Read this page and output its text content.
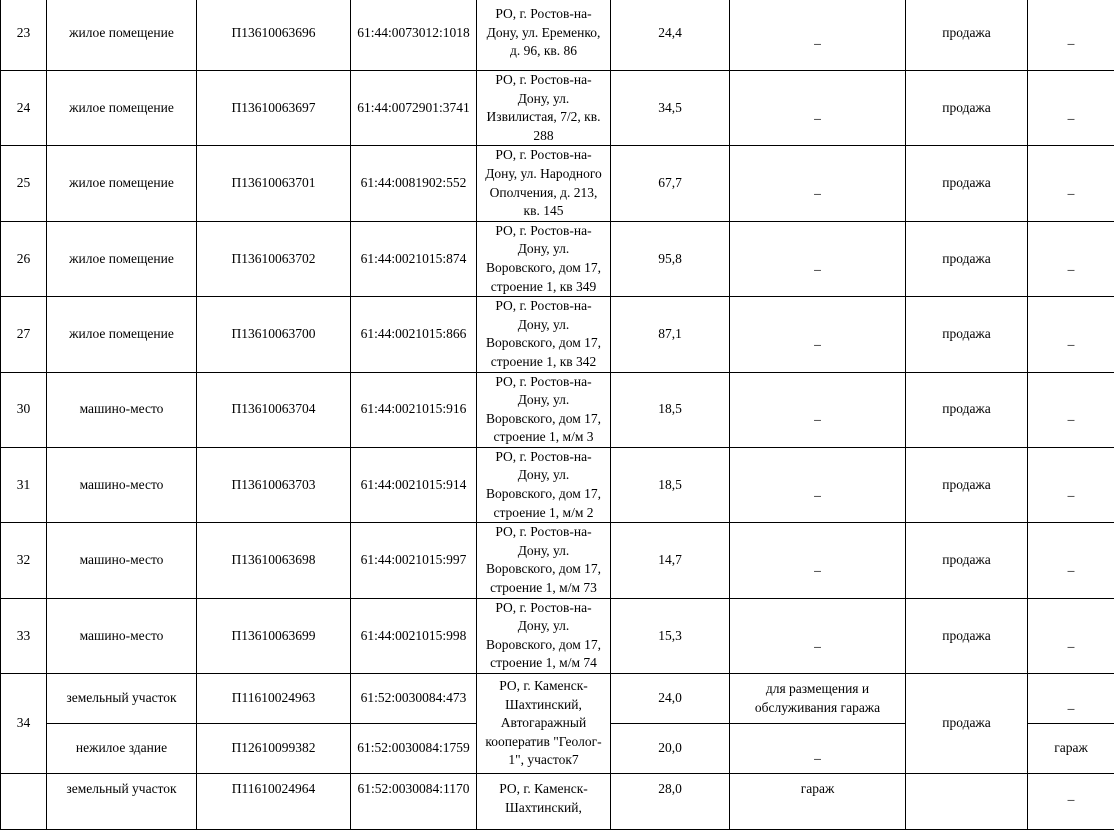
23	жилое помещение	П13610063696	61:44:0073012:1018	РО, г. Ростов-на-
Дону, ул. Еременко,
д. 96, кв. 86	24,4	_	продажа	_
24	жилое помещение	П13610063697	61:44:0072901:3741	РО, г. Ростов-на-
Дону, ул.
Извилистая, 7/2, кв.
288	34,5	_	продажа	_
25	жилое помещение	П13610063701	61:44:0081902:552	РО, г. Ростов-на-
Дону, ул. Народного
Ополчения, д. 213,
кв. 145	67,7	_	продажа	_
26	жилое помещение	П13610063702	61:44:0021015:874	РО, г. Ростов-на-
Дону, ул.
Воровского, дом 17,
строение 1, кв 349	95,8	_	продажа	_
27	жилое помещение	П13610063700	61:44:0021015:866	РО, г. Ростов-на-
Дону, ул.
Воровского, дом 17,
строение 1, кв 342	87,1	_	продажа	_
30	машино-место	П13610063704	61:44:0021015:916	РО, г. Ростов-на-
Дону, ул.
Воровского, дом 17,
строение 1, м/м 3	18,5	_	продажа	_
31	машино-место	П13610063703	61:44:0021015:914	РО, г. Ростов-на-
Дону, ул.
Воровского, дом 17,
строение 1, м/м 2	18,5	_	продажа	_
32	машино-место	П13610063698	61:44:0021015:997	РО, г. Ростов-на-
Дону, ул.
Воровского, дом 17,
строение 1, м/м 73	14,7	_	продажа	_
33	машино-место	П13610063699	61:44:0021015:998	РО, г. Ростов-на-
Дону, ул.
Воровского, дом 17,
строение 1, м/м 74	15,3	_	продажа	_
34	земельный участок	П11610024963	61:52:0030084:473	РО, г. Каменск-
Шахтинский,
Автогаражный
кооператив "Геолог-
1", участок7	24,0	для размещения и
обслуживания гаража	продажа	_
	нежилое здание	П12610099382	61:52:0030084:1759		20,0	_		гараж
	земельный участок	П11610024964	61:52:0030084:1170	РО, г. Каменск-
Шахтинский,	28,0	гараж		_
